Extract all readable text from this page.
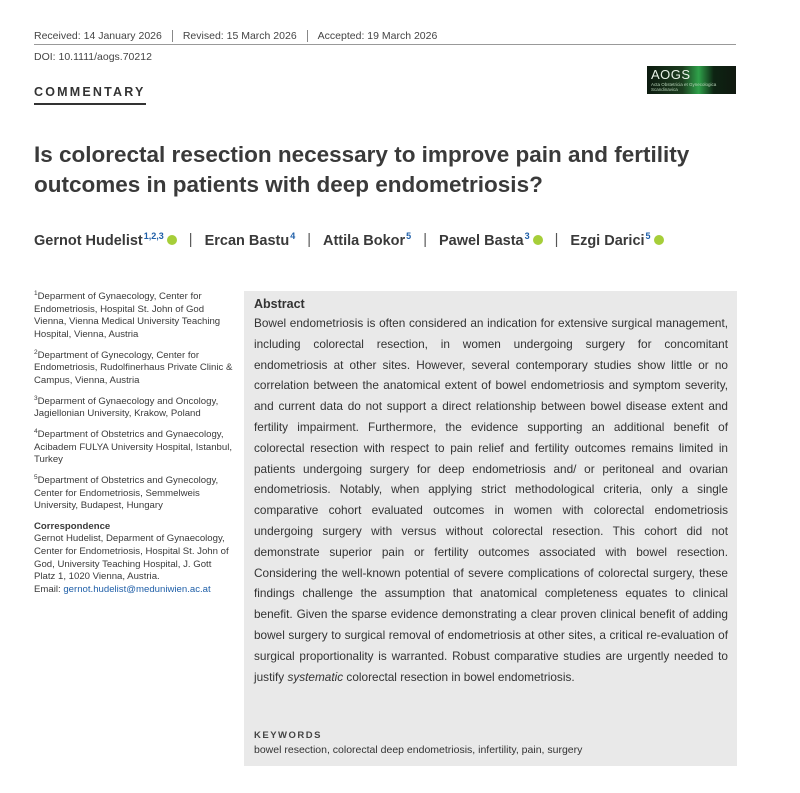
Received: 14 January 2026	Revised: 15 March 2026	Accepted: 19 March 2026
DOI: 10.1111/aogs.70212
AOGS
Acta Obstetricia et Gynecologica Scandinavica
COMMENTARY
Is colorectal resection necessary to improve pain and fertility outcomes in patients with deep endometriosis?
Gernot Hudelist$^{1,2,3}$	| Ercan Bastu$^4$ | Attila Bokor$^5$ | Pawel Basta$^3$	| Ezgi Darici$^5$

$^1$Deparment of Gynaecology, Center for Endometriosis, Hospital St. John of God Vienna, Vienna Medical University Teaching Hospital, Vienna, Austria

$^2$Department of Gynecology, Center for Endometriosis, Rudolfinerhaus Private Clinic & Campus, Vienna, Austria

$^3$Deparment of Gynaecology and Oncology, Jagiellonian University, Krakow, Poland

$^4$Department of Obstetrics and Gynaecology, Acibadem FULYA University Hospital, Istanbul, Turkey

$^5$Department of Obstetrics and Gynecology, Center for Endometriosis, Semmelweis University, Budapest, Hungary

Correspondence
Gernot Hudelist, Deparment of Gynaecology, Center for Endometriosis, Hospital St. John of God, University Teaching Hospital, J. Gott Platz 1, 1020 Vienna, Austria.
Email: gernot.hudelist@meduniwien.ac.at
Abstract

Bowel endometriosis is often considered an indication for extensive surgical management, including colorectal resection, in women undergoing surgery for concomitant endometriosis at other sites. However, several contemporary studies show little or no correlation between the anatomical extent of bowel endometriosis and symptom severity, and current data do not support a direct relationship between bowel disease extent and fertility impairment. Furthermore, the evidence supporting an additional benefit of colorectal resection with respect to pain relief and fertility outcomes remains limited in patients undergoing surgery for deep endometriosis and/ or peritoneal and ovarian endometriosis. Notably, when applying strict methodological criteria, only a single comparative cohort evaluated outcomes in women with colorectal endometriosis undergoing surgery with versus without colorectal resection. This cohort did not demonstrate superior pain or fertility outcomes associated with bowel resection. Considering the well-known potential of severe complications of colorectal surgery, these findings challenge the assumption that anatomical completeness equates to clinical benefit. Given the sparse evidence demonstrating a clear proven clinical benefit of adding bowel surgery to surgical removal of endometriosis at other sites, a critical re-evaluation of surgical proportionality is warranted. Robust comparative studies are urgently needed to justify systematic colorectal resection in bowel endometriosis.

KEYWORDS
bowel resection, colorectal deep endometriosis, infertility, pain, surgery
